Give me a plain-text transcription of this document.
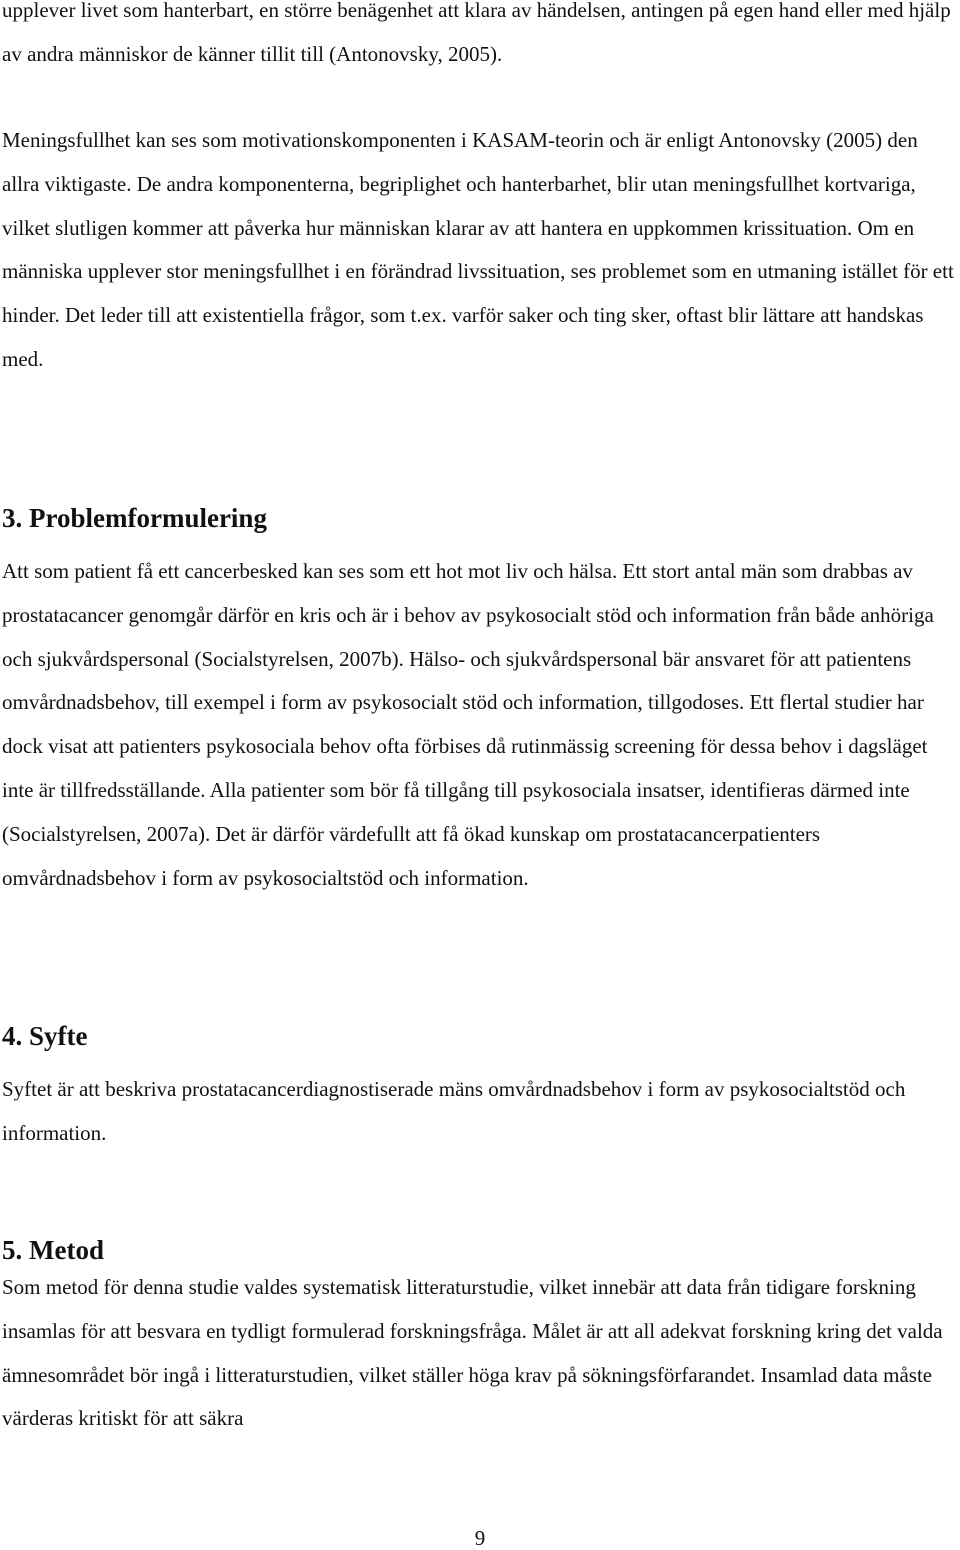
upplever livet som hanterbart, en större benägenhet att klara av händelsen, antingen på egen hand eller med hjälp av andra människor de känner tillit till (Antonovsky, 2005).

Meningsfullhet kan ses som motivationskomponenten i KASAM-teorin och är enligt Antonovsky (2005) den allra viktigaste. De andra komponenterna, begriplighet och hanterbarhet, blir utan meningsfullhet kortvariga, vilket slutligen kommer att påverka hur människan klarar av att hantera en uppkommen krissituation. Om en människa upplever stor meningsfullhet i en förändrad livssituation, ses problemet som en utmaning istället för ett hinder. Det leder till att existentiella frågor, som t.ex. varför saker och ting sker, oftast blir lättare att handskas med.

3. Problemformulering

Att som patient få ett cancerbesked kan ses som ett hot mot liv och hälsa. Ett stort antal män som drabbas av prostatacancer genomgår därför en kris och är i behov av psykosocialt stöd och information från både anhöriga och sjukvårdspersonal (Socialstyrelsen, 2007b). Hälso- och sjukvårdspersonal bär ansvaret för att patientens omvårdnadsbehov, till exempel i form av psykosocialt stöd och information, tillgodoses. Ett flertal studier har dock visat att patienters psykosociala behov ofta förbises då rutinmässig screening för dessa behov i dagsläget inte är tillfredsställande. Alla patienter som bör få tillgång till psykosociala insatser, identifieras därmed inte (Socialstyrelsen, 2007a). Det är därför värdefullt att få ökad kunskap om prostatacancerpatienters omvårdnadsbehov i form av psykosocialtstöd och information.

4. Syfte

Syftet är att beskriva prostatacancerdiagnostiserade mäns omvårdnadsbehov i form av psykosocialtstöd och information.

5. Metod

Som metod för denna studie valdes systematisk litteraturstudie, vilket innebär att data från tidigare forskning insamlas för att besvara en tydligt formulerad forskningsfråga. Målet är att all adekvat forskning kring det valda ämnesområdet bör ingå i litteraturstudien, vilket ställer höga krav på sökningsförfarandet. Insamlad data måste värderas kritiskt för att säkra

9
